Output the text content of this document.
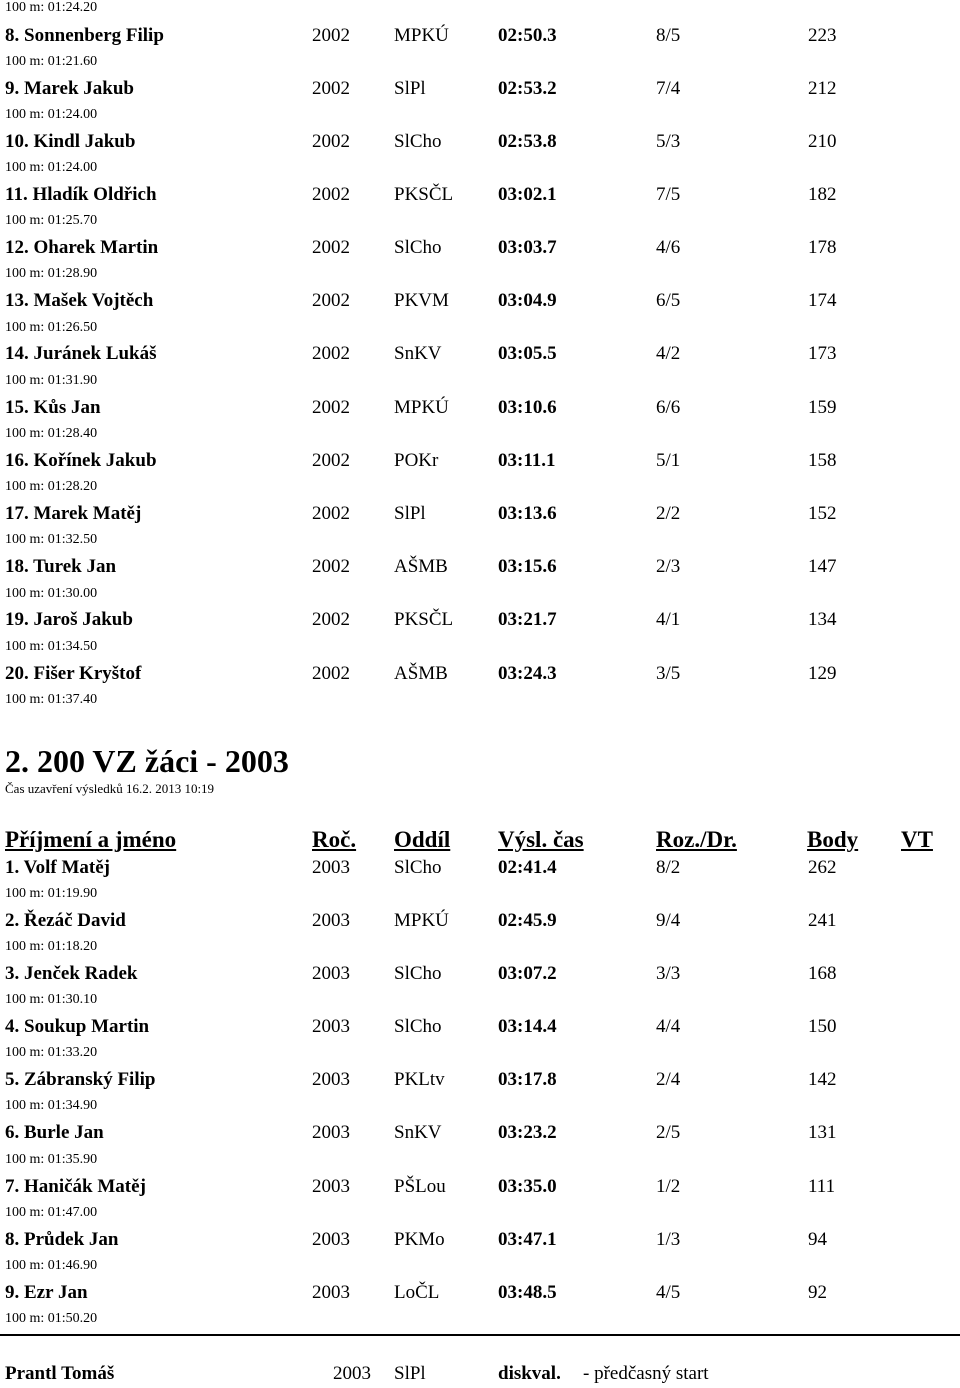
100 m: 01:24.20
8. Sonnenberg Filip	2002 MPKÚ	02:50.3	8/5	223
100 m: 01:21.60
9. Marek Jakub	2002 SlPl	02:53.2	7/4	212
100 m: 01:24.00
10. Kindl Jakub	2002 SlCho	02:53.8	5/3	210
100 m: 01:24.00
11. Hladík Oldřich	2002 PKSČL 03:02.1	7/5	182
100 m: 01:25.70
12. Oharek Martin	2002 SlCho	03:03.7	4/6	178
100 m: 01:28.90
13. Mašek Vojtěch	2002 PKVM	03:04.9	6/5	174
100 m: 01:26.50
14. Juránek Lukáš	2002 SnKV	03:05.5	4/2	173
100 m: 01:31.90
15. Kůs Jan	2002 MPKÚ	03:10.6	6/6	159
100 m: 01:28.40
16. Kořínek Jakub	2002 POKr	03:11.1	5/1	158
100 m: 01:28.20
17. Marek Matěj	2002 SlPl	03:13.6	2/2	152
100 m: 01:32.50
18. Turek Jan	2002 AŠMB	03:15.6	2/3	147
100 m: 01:30.00
19. Jaroš Jakub	2002 PKSČL 03:21.7	4/1	134
100 m: 01:34.50
20. Fišer Kryštof	2002 AŠMB	03:24.3	3/5	129
100 m: 01:37.40
2. 200 VZ žáci - 2003
Čas uzavření výsledků 16.2. 2013 10:19
Příjmení a jméno	Roč. Oddíl Výsl. čas	Roz./Dr.	Body VT
1. Volf Matěj	2003 SlCho	02:41.4	8/2	262
100 m: 01:19.90
2. Řezáč David	2003 MPKÚ	02:45.9	9/4	241
100 m: 01:18.20
3. Jenček Radek	2003 SlCho	03:07.2	3/3	168
100 m: 01:30.10
4. Soukup Martin	2003 SlCho	03:14.4	4/4	150
100 m: 01:33.20
5. Zábranský Filip	2003 PKLtv	03:17.8	2/4	142
100 m: 01:34.90
6. Burle Jan	2003 SnKV	03:23.2	2/5	131
100 m: 01:35.90
7. Haničák Matěj	2003 PŠLou	03:35.0	1/2	111
100 m: 01:47.00
8. Průdek Jan	2003 PKMo	03:47.1	1/3	94
100 m: 01:46.90
9. Ezr Jan	2003 LoČL	03:48.5	4/5	92
100 m: 01:50.20
Prantl Tomáš	2003 SlPl	diskval. - předčasný start
